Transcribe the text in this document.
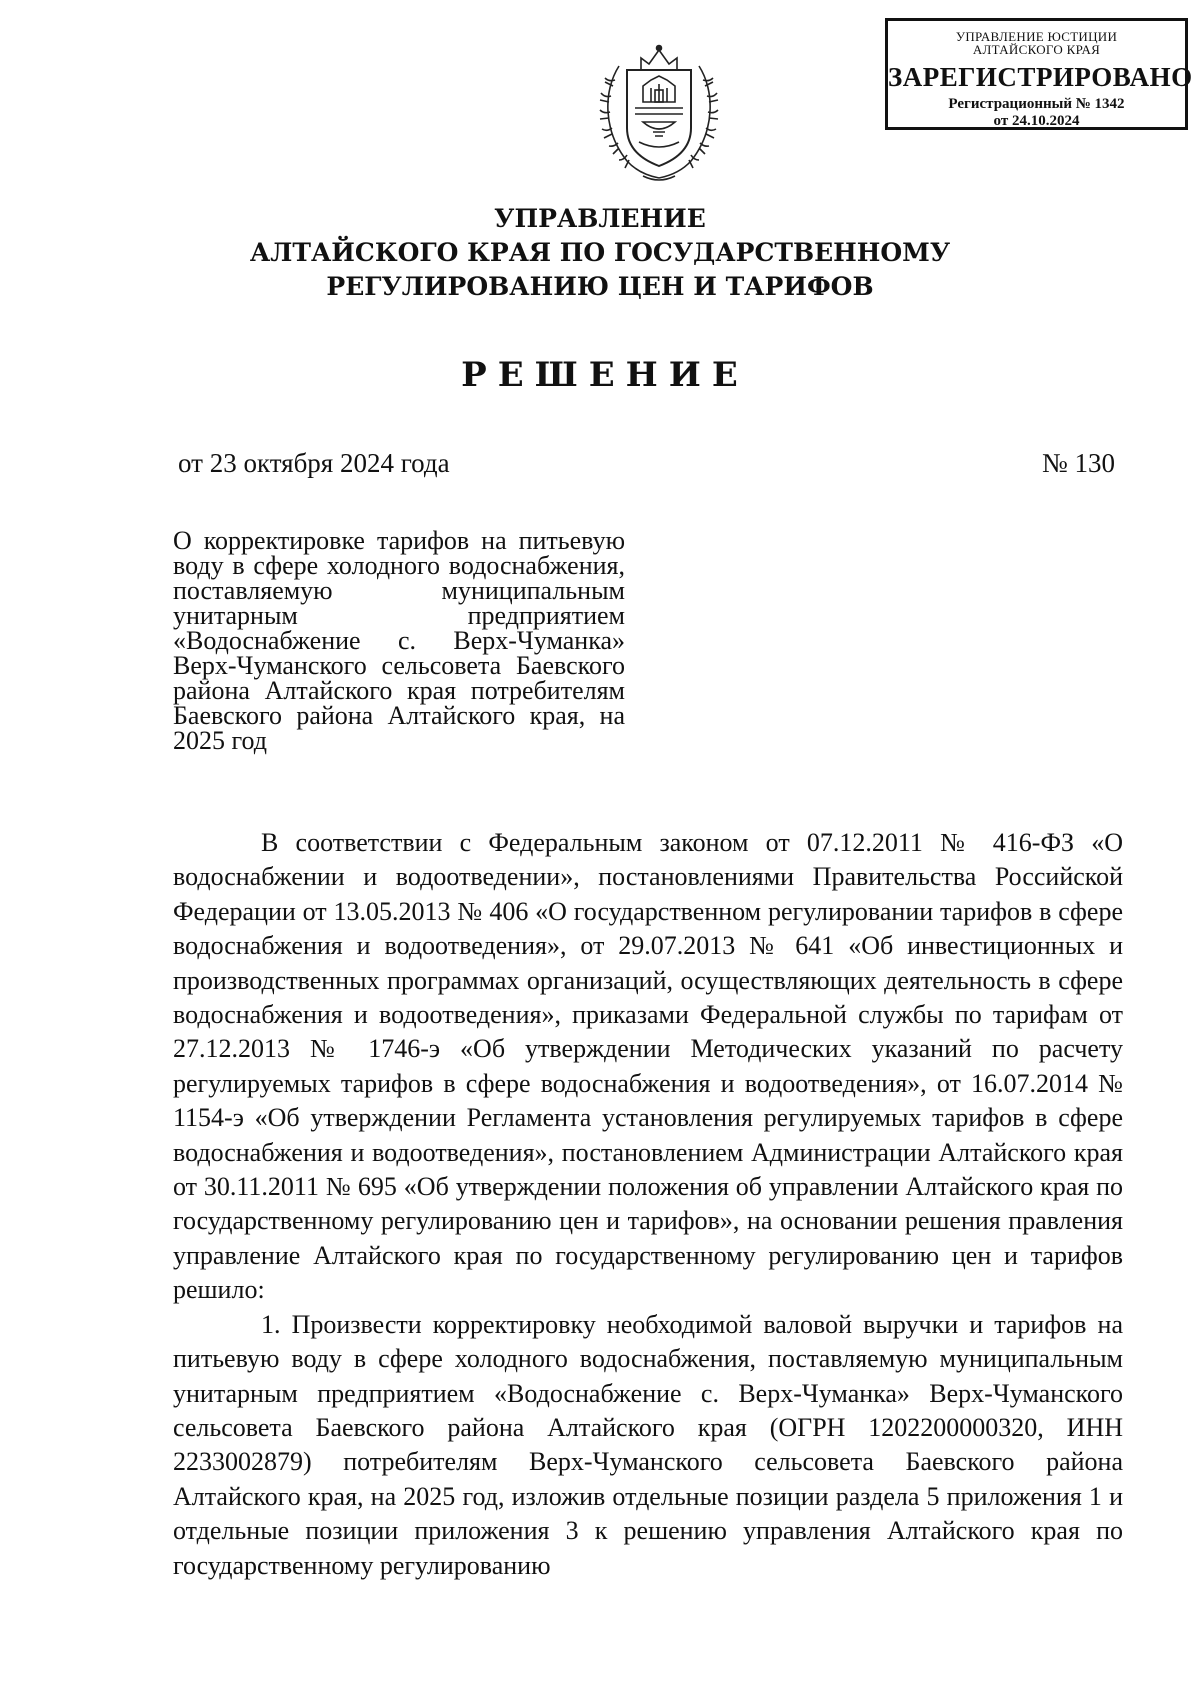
УПРАВЛЕНИЕ ЮСТИЦИИ
АЛТАЙСКОГО КРАЯ
ЗАРЕГИСТРИРОВАНО
Регистрационный № 1342
от 24.10.2024
УПРАВЛЕНИЕ
АЛТАЙСКОГО КРАЯ ПО ГОСУДАРСТВЕННОМУ
РЕГУЛИРОВАНИЮ ЦЕН И ТАРИФОВ
РЕШЕНИЕ
от 23 октября 2024 года	№ 130
О корректировке тарифов на питьевую воду в сфере холодного водоснабжения, поставляемую муниципальным унитарным предприятием «Водоснабжение с. Верх-Чуманка» Верх-Чуманского сельсовета Баевского района Алтайского края потребителям Баевского района Алтайского края, на 2025 год

В соответствии с Федеральным законом от 07.12.2011 № 416-ФЗ «О водоснабжении и водоотведении», постановлениями Правительства Российской Федерации от 13.05.2013 № 406 «О государственном регулировании тарифов в сфере водоснабжения и водоотведения», от 29.07.2013 № 641 «Об инвестиционных и производственных программах организаций, осуществляющих деятельность в сфере водоснабжения и водоотведения», приказами Федеральной службы по тарифам от 27.12.2013 № 1746-э «Об утверждении Методических указаний по расчету регулируемых тарифов в сфере водоснабжения и водоотведения», от 16.07.2014 № 1154-э «Об утверждении Регламента установления регулируемых тарифов в сфере водоснабжения и водоотведения», постановлением Администрации Алтайского края от 30.11.2011 № 695 «Об утверждении положения об управлении Алтайского края по государственному регулированию цен и тарифов», на основании решения правления управление Алтайского края по государственному регулированию цен и тарифов решило:

1. Произвести корректировку необходимой валовой выручки и тарифов на питьевую воду в сфере холодного водоснабжения, поставляемую муниципальным унитарным предприятием «Водоснабжение с. Верх-Чуманка» Верх-Чуманского сельсовета Баевского района Алтайского края (ОГРН 1202200000320, ИНН 2233002879) потребителям Верх-Чуманского сельсовета Баевского района Алтайского края, на 2025 год, изложив отдельные позиции раздела 5 приложения 1 и отдельные позиции приложения 3 к решению управления Алтайского края по государственному регулированию
